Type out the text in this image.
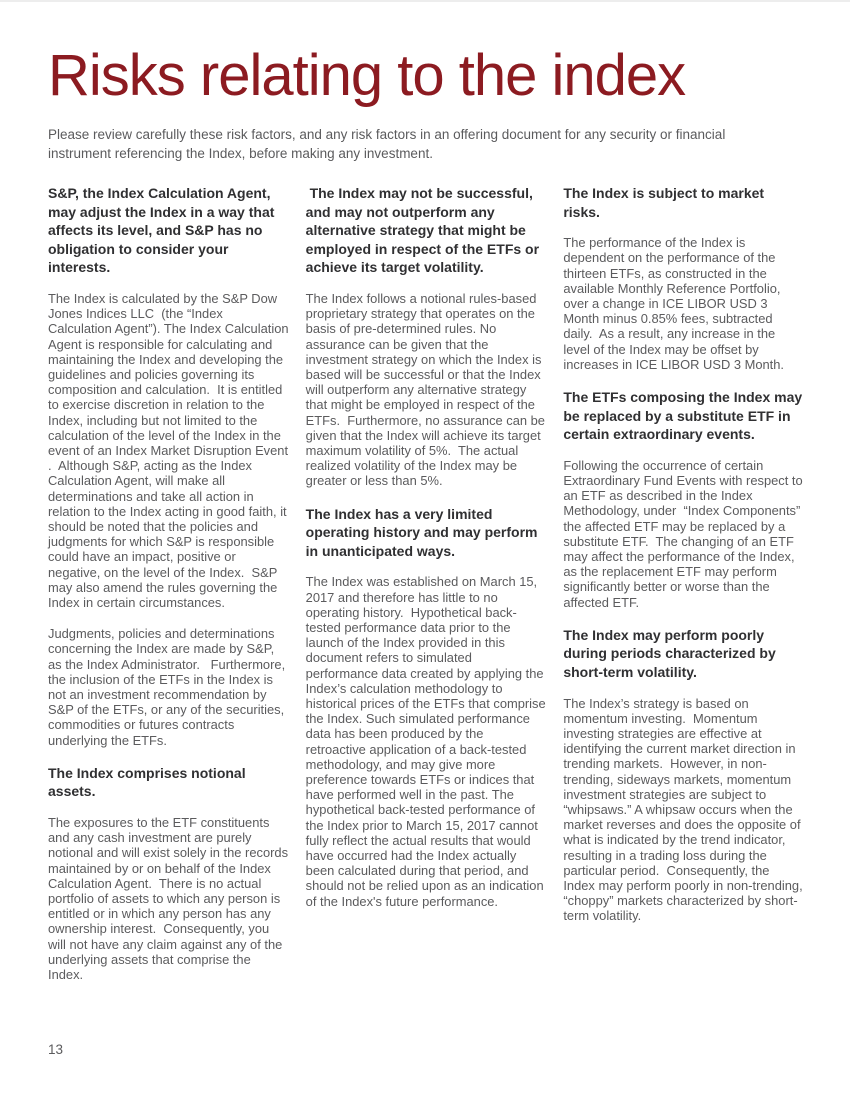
Risks relating to the index

Please review carefully these risk factors, and any risk factors in an offering document for any security or financial instrument referencing the Index, before making any investment.

S&P, the Index Calculation Agent, may adjust the Index in a way that affects its level, and S&P has no obligation to consider your interests.

The Index is calculated by the S&P Dow Jones Indices LLC  (the “Index Calculation Agent”). The Index Calculation Agent is responsible for calculating and maintaining the Index and developing the guidelines and policies governing its composition and calculation.  It is entitled to exercise discretion in relation to the Index, including but not limited to the calculation of the level of the Index in the event of an Index Market Disruption Event .  Although S&P, acting as the Index Calculation Agent, will make all determinations and take all action in relation to the Index acting in good faith, it should be noted that the policies and judgments for which S&P is responsible could have an impact, positive or negative, on the level of the Index.  S&P may also amend the rules governing the Index in certain circumstances.

Judgments, policies and determinations concerning the Index are made by S&P, as the Index Administrator.   Furthermore, the inclusion of the ETFs in the Index is not an investment recommendation by S&P of the ETFs, or any of the securities, commodities or futures contracts underlying the ETFs.

The Index comprises notional assets.

The exposures to the ETF constituents and any cash investment are purely notional and will exist solely in the records maintained by or on behalf of the Index Calculation Agent.  There is no actual portfolio of assets to which any person is entitled or in which any person has any ownership interest.  Consequently, you will not have any claim against any of the underlying assets that comprise the Index.

The Index may not be successful, and may not outperform any alternative strategy that might be employed in respect of the ETFs or achieve its target volatility.

The Index follows a notional rules-based proprietary strategy that operates on the basis of pre-determined rules. No assurance can be given that the investment strategy on which the Index is based will be successful or that the Index will outperform any alternative strategy that might be employed in respect of the ETFs.  Furthermore, no assurance can be given that the Index will achieve its target maximum volatility of 5%.  The actual realized volatility of the Index may be greater or less than 5%.

The Index has a very limited operating history and may perform in unanticipated ways.

The Index was established on March 15, 2017 and therefore has little to no operating history.  Hypothetical back-tested performance data prior to the launch of the Index provided in this document refers to simulated performance data created by applying the Index’s calculation methodology to historical prices of the ETFs that comprise the Index. Such simulated performance data has been produced by the retroactive application of a back-tested methodology, and may give more preference towards ETFs or indices that have performed well in the past. The hypothetical back-tested performance of the Index prior to March 15, 2017 cannot fully reflect the actual results that would have occurred had the Index actually been calculated during that period, and should not be relied upon as an indication of the Index's future performance.

The Index is subject to market risks.

The performance of the Index is dependent on the performance of the thirteen ETFs, as constructed in the available Monthly Reference Portfolio, over a change in ICE LIBOR USD 3 Month minus 0.85% fees, subtracted daily.  As a result, any increase in the level of the Index may be offset by increases in ICE LIBOR USD 3 Month.

The ETFs composing the Index may be replaced by a substitute ETF in certain extraordinary events.

Following the occurrence of certain Extraordinary Fund Events with respect to an ETF as described in the Index Methodology, under  “Index Components” the affected ETF may be replaced by a substitute ETF.  The changing of an ETF may affect the performance of the Index, as the replacement ETF may perform significantly better or worse than the affected ETF.

The Index may perform poorly during periods characterized by short-term volatility.

The Index’s strategy is based on momentum investing.  Momentum investing strategies are effective at identifying the current market direction in trending markets.  However, in non-trending, sideways markets, momentum investment strategies are subject to “whipsaws.” A whipsaw occurs when the market reverses and does the opposite of what is indicated by the trend indicator, resulting in a trading loss during the particular period.  Consequently, the Index may perform poorly in non-trending, “choppy” markets characterized by short-term volatility.

13
